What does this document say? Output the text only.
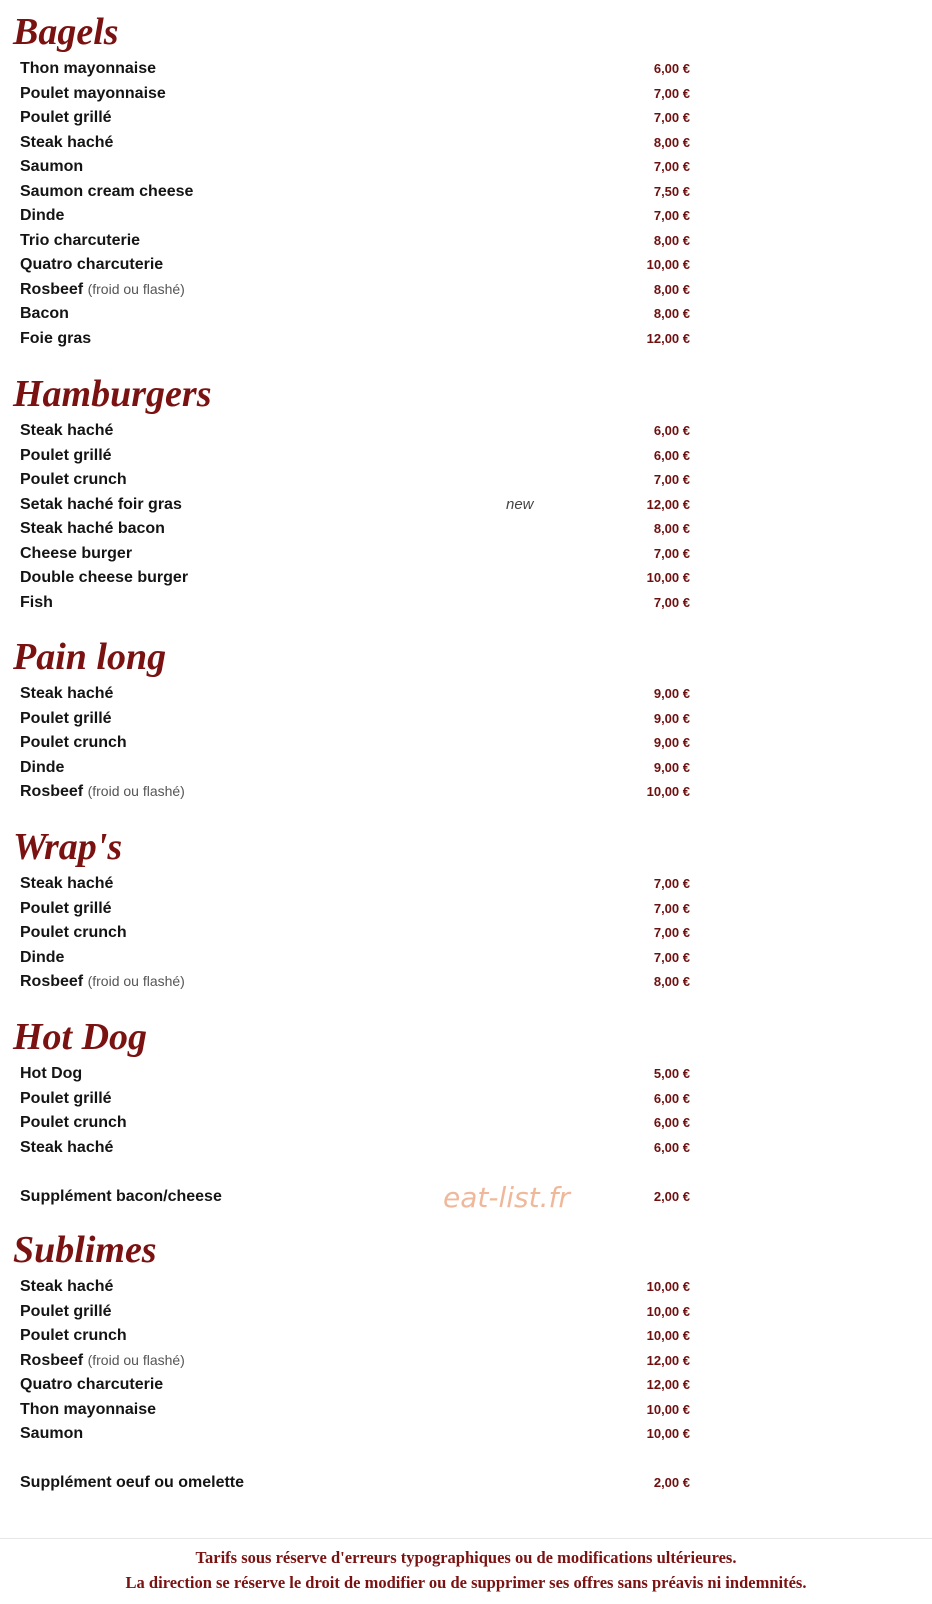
Bagels
Thon mayonnaise	6,00 €
Poulet mayonnaise	7,00 €
Poulet grillé	7,00 €
Steak haché	8,00 €
Saumon	7,00 €
Saumon cream cheese	7,50 €
Dinde	7,00 €
Trio charcuterie	8,00 €
Quatro charcuterie	10,00 €
Rosbeef (froid ou flashé)	8,00 €
Bacon	8,00 €
Foie gras	12,00 €
Hamburgers
Steak haché	6,00 €
Poulet grillé	6,00 €
Poulet crunch	7,00 €
Setak haché foir gras	new	12,00 €
Steak haché bacon	8,00 €
Cheese burger	7,00 €
Double cheese burger	10,00 €
Fish	7,00 €
Pain long
Steak haché	9,00 €
Poulet grillé	9,00 €
Poulet crunch	9,00 €
Dinde	9,00 €
Rosbeef (froid ou flashé)	10,00 €
Wrap's
Steak haché	7,00 €
Poulet grillé	7,00 €
Poulet crunch	7,00 €
Dinde	7,00 €
Rosbeef (froid ou flashé)	8,00 €
Hot Dog
Hot Dog	5,00 €
Poulet grillé	6,00 €
Poulet crunch	6,00 €
Steak haché	6,00 €
Supplément bacon/cheese	2,00 €
Sublimes
Steak haché	10,00 €
Poulet grillé	10,00 €
Poulet crunch	10,00 €
Rosbeef (froid ou flashé)	12,00 €
Quatro charcuterie	12,00 €
Thon mayonnaise	10,00 €
Saumon	10,00 €
Supplément oeuf ou omelette	2,00 €
eat-list.fr
Tarifs sous réserve d'erreurs typographiques ou de modifications ultérieures.
La direction se réserve le droit de modifier ou de supprimer ses offres sans préavis ni indemnités.
